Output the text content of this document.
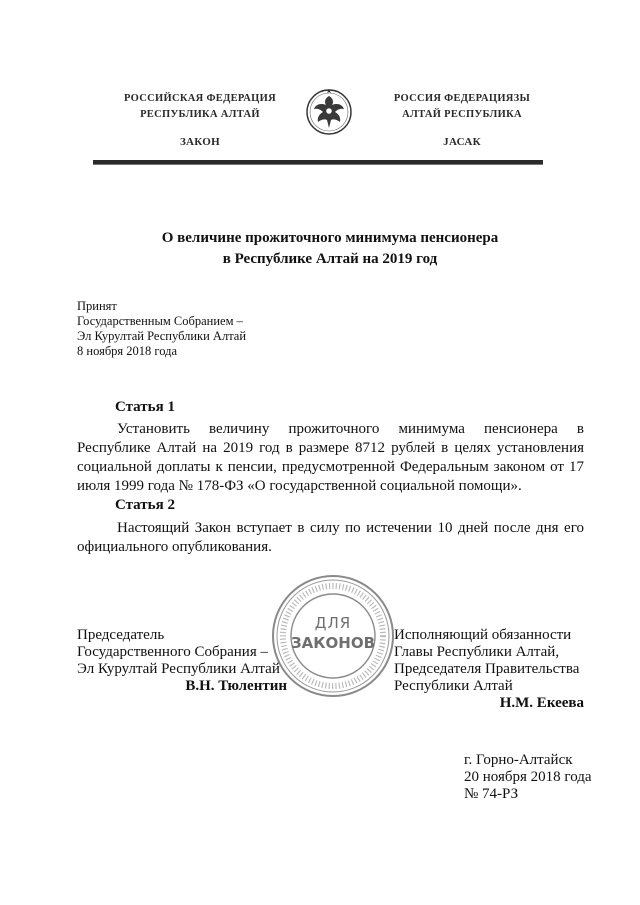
РОССИЙСКАЯ ФЕДЕРАЦИЯ
РЕСПУБЛИКА АЛТАЙ
ЗАКОН
РОССИЯ ФЕДЕРАЦИЯЗЫ
АЛТАЙ РЕСПУБЛИКА
JАСАК
О величине прожиточного минимума пенсионера
в Республике Алтай на 2019 год
Принят
Государственным Собранием –
Эл Курултай Республики Алтай
8 ноября 2018 года
Статья 1
Установить величину прожиточного минимума пенсионера в Республике Алтай на 2019 год в размере 8712 рублей в целях установления социальной доплаты к пенсии, предусмотренной Федеральным законом от 17 июля 1999 года № 178-ФЗ «О государственной социальной помощи».
Статья 2
Настоящий Закон вступает в силу по истечении 10 дней после дня его официального опубликования.
ДЛЯ
ЗАКОНОВ
Председатель
Государственного Собрания –
Эл Курултай Республики Алтай
В.Н. Тюлентин
Исполняющий обязанности
Главы Республики Алтай,
Председателя Правительства
Республики Алтай
Н.М. Екеева
г. Горно-Алтайск
20 ноября 2018 года
№ 74-РЗ
